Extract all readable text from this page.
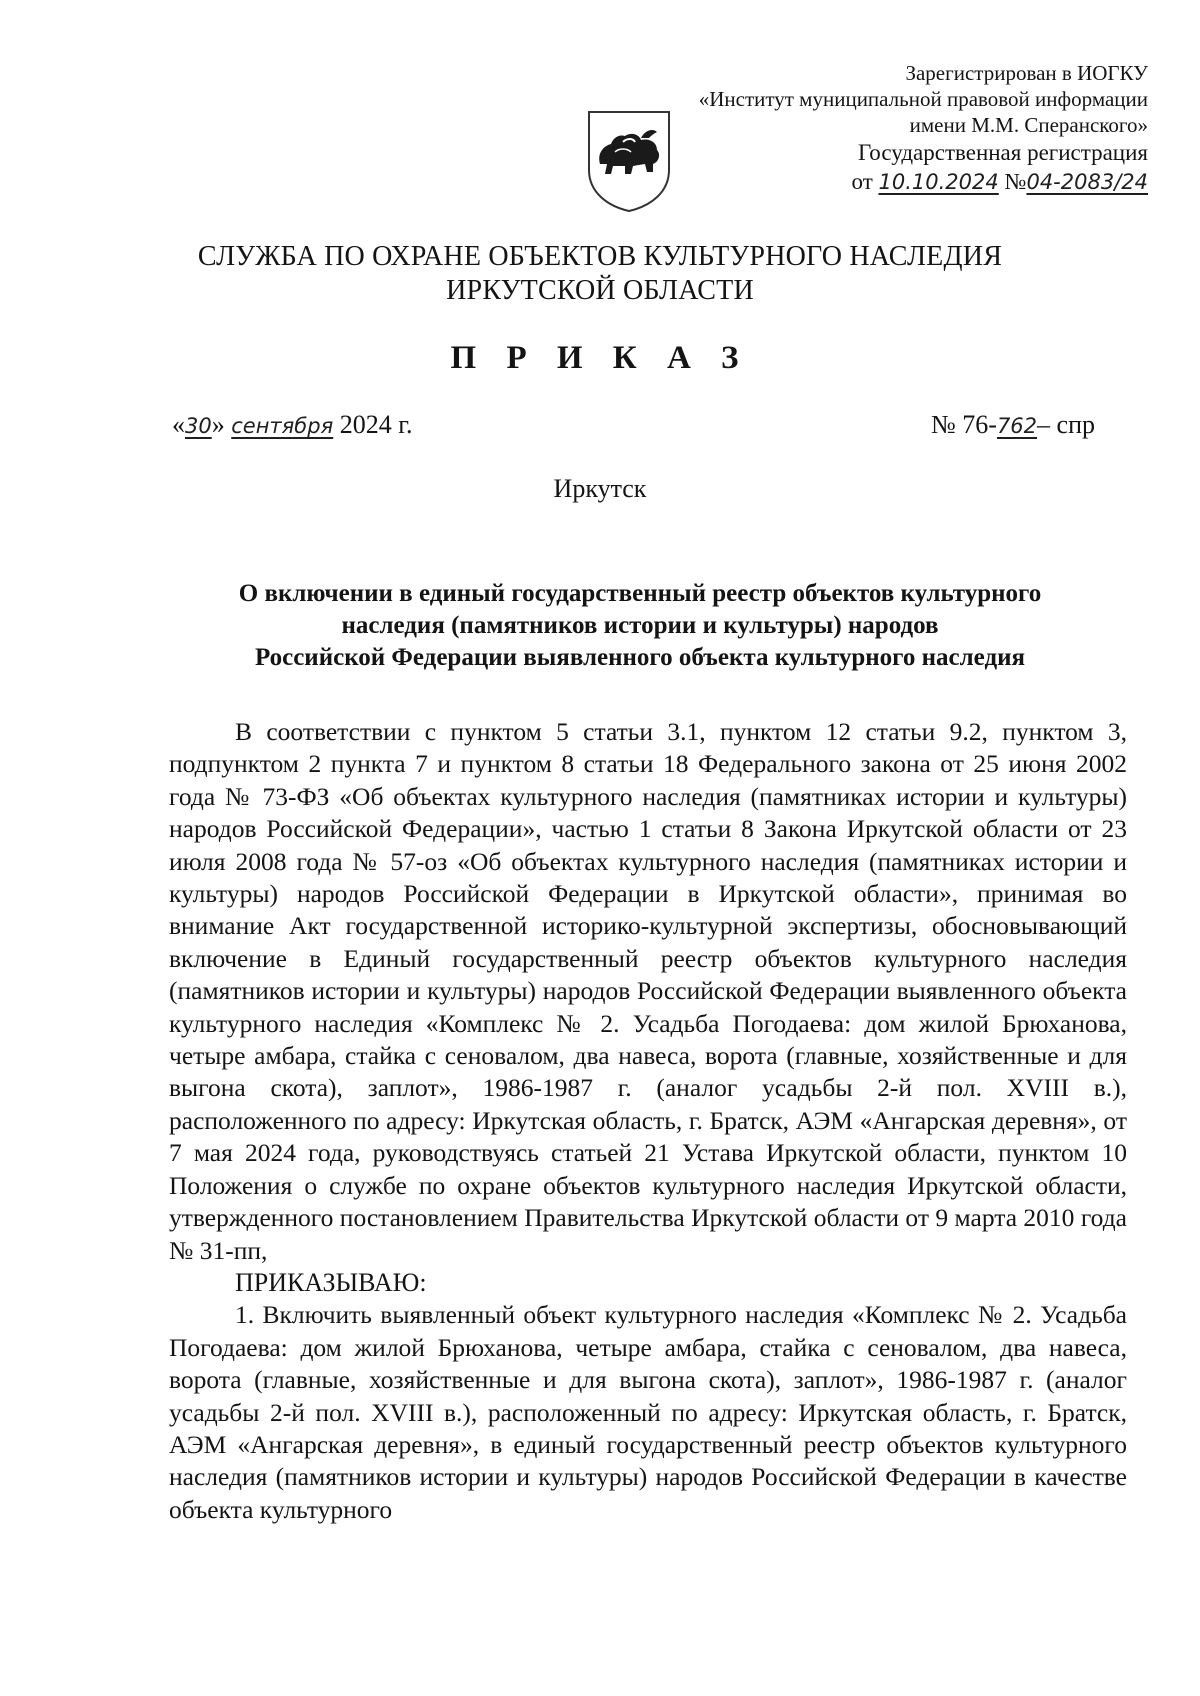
Зарегистрирован в ИОГКУ
«Институт муниципальной правовой информации
имени М.М. Сперанского»
Государственная регистрация
от 10.10.2024 №04-2083/24
СЛУЖБА ПО ОХРАНЕ ОБЪЕКТОВ КУЛЬТУРНОГО НАСЛЕДИЯ
ИРКУТСКОЙ ОБЛАСТИ
П Р И К А З
«30» сентября 2024 г.	№ 76-762– спр
Иркутск
О включении в единый государственный реестр объектов культурного
наследия (памятников истории и культуры) народов
Российской Федерации выявленного объекта культурного наследия

В соответствии с пунктом 5 статьи 3.1, пунктом 12 статьи 9.2, пунктом 3, подпунктом 2 пункта 7 и пунктом 8 статьи 18 Федерального закона от 25 июня 2002 года № 73-ФЗ «Об объектах культурного наследия (памятниках истории и культуры) народов Российской Федерации», частью 1 статьи 8 Закона Иркутской области от 23 июля 2008 года № 57-оз «Об объектах культурного наследия (памятниках истории и культуры) народов Российской Федерации в Иркутской области», принимая во внимание Акт государственной историко-культурной экспертизы, обосновывающий включение в Единый государственный реестр объектов культурного наследия (памятников истории и культуры) народов Российской Федерации выявленного объекта культурного наследия «Комплекс № 2. Усадьба Погодаева: дом жилой Брюханова, четыре амбара, стайка с сеновалом, два навеса, ворота (главные, хозяйственные и для выгона скота), заплот», 1986-1987 г. (аналог усадьбы 2-й пол. XVIII в.), расположенного по адресу: Иркутская область, г. Братск, АЭМ «Ангарская деревня», от 7 мая 2024 года, руководствуясь статьей 21 Устава Иркутской области, пунктом 10 Положения о службе по охране объектов культурного наследия Иркутской области, утвержденного постановлением Правительства Иркутской области от 9 марта 2010 года № 31-пп,

ПРИКАЗЫВАЮ:

1. Включить выявленный объект культурного наследия «Комплекс № 2. Усадьба Погодаева: дом жилой Брюханова, четыре амбара, стайка с сеновалом, два навеса, ворота (главные, хозяйственные и для выгона скота), заплот», 1986-1987 г. (аналог усадьбы 2-й пол. XVIII в.), расположенный по адресу: Иркутская область, г. Братск, АЭМ «Ангарская деревня», в единый государственный реестр объектов культурного наследия (памятников истории и культуры) народов Российской Федерации в качестве объекта культурного
